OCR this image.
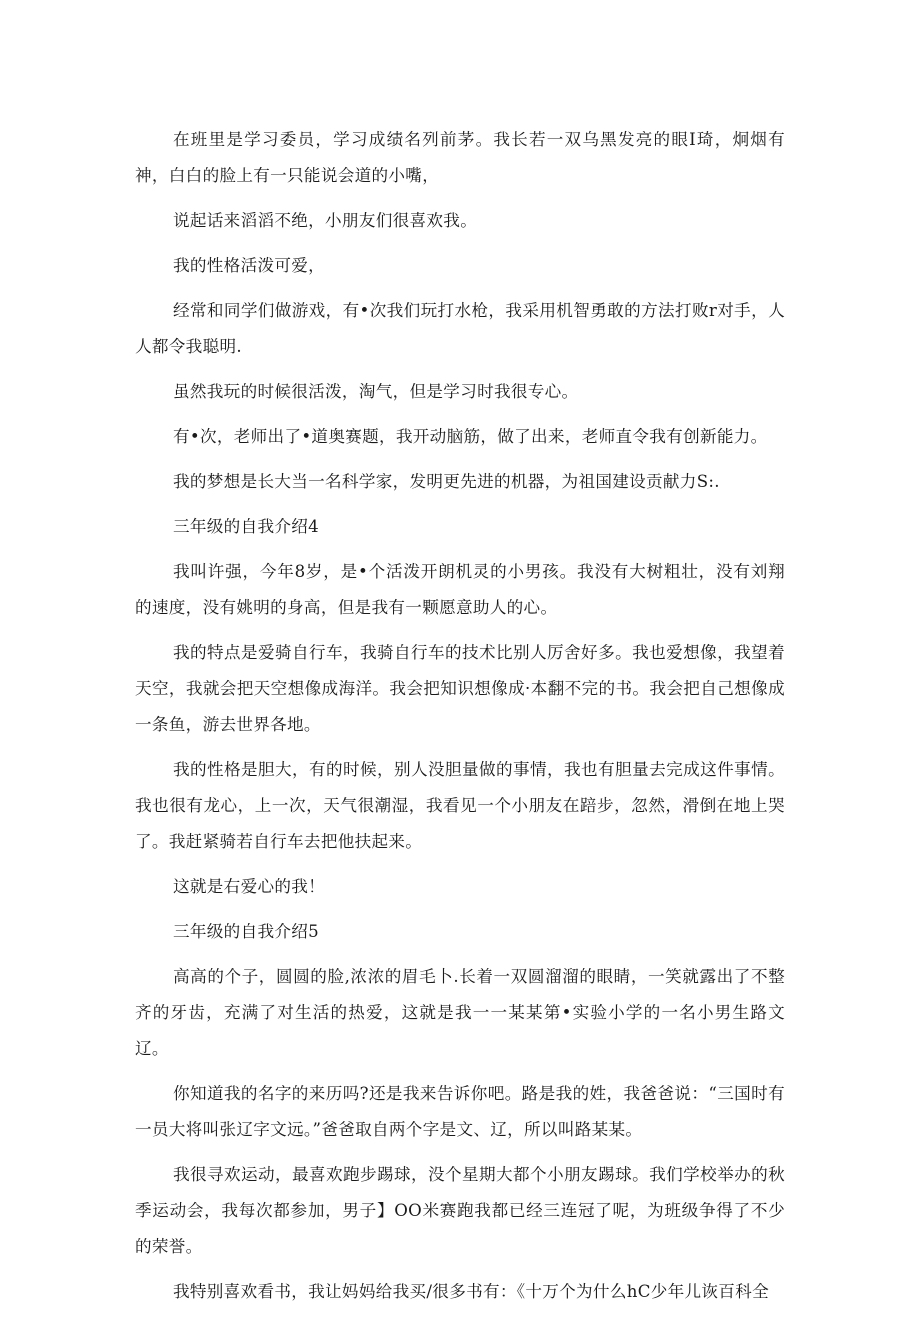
在班里是学习委员，学习成绩名列前茅。我长若一双乌黑发亮的眼I琦，炯烟有神，白白的脸上有一只能说会道的小嘴，

说起话来滔滔不绝，小朋友们很喜欢我。

我的性格活泼可爱，

经常和同学们做游戏，有•次我们玩打水枪，我采用机智勇敢的方法打败r对手，人人都令我聪明.

虽然我玩的时候很活泼，淘气，但是学习时我很专心。

有•次，老师出了•道奥赛题，我开动脑筋，做了出来，老师直令我有创新能力。

我的梦想是长大当一名科学家，发明更先进的机器，为祖国建设贡献力S:.

三年级的自我介绍4

我叫许强，今年8岁，是•个活泼开朗机灵的小男孩。我没有大树粗壮，没有刘翔的速度，没有姚明的身高，但是我有一颗愿意助人的心。

我的特点是爱骑自行车，我骑自行车的技术比别人厉舍好多。我也爱想像，我望着天空，我就会把天空想像成海洋。我会把知识想像成·本翻不完的书。我会把自己想像成一条鱼，游去世界各地。

我的性格是胆大，有的时候，别人没胆量做的事情，我也有胆量去完成这件事情。我也很有龙心，上一次，天气很潮湿，我看见一个小朋友在踣步，忽然，滑倒在地上哭了。我赶紧骑若自行车去把他扶起来。

这就是右爱心的我！

三年级的自我介绍5

高高的个子，圆圆的脸,浓浓的眉毛卜.长着一双圆溜溜的眼睛，一笑就露出了不整齐的牙齿，充满了对生活的热爱，这就是我一一某某第•实验小学的一名小男生路文辽。

你知道我的名字的来历吗?还是我来告诉你吧。路是我的姓，我爸爸说：“三国时有一员大将叫张辽字文远。”爸爸取自两个字是文、辽，所以叫路某某。

我很寻欢运动，最喜欢跑步踢球，没个星期大都个小朋友踢球。我们学校举办的秋季运动会，我每次都参加，男子】OO米赛跑我都已经三连冠了呢，为班级争得了不少的荣誉。

我特别喜欢看书，我让妈妈给我买/很多书有：《十万个为什么hC少年儿诙百科全
